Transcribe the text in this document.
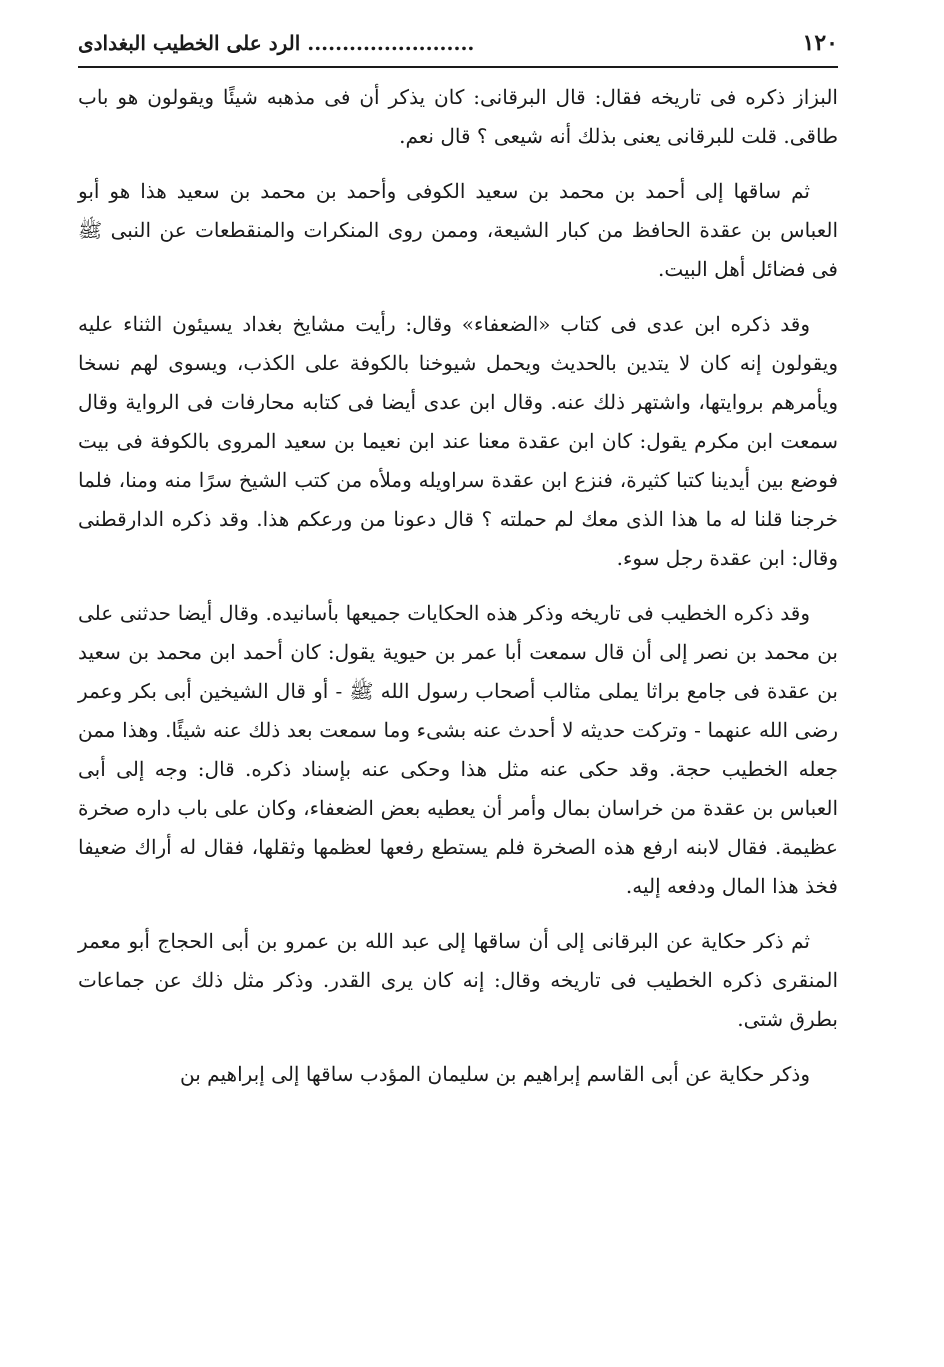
١٢٠
........................ الرد على الخطيب البغدادى

البزاز ذكره فى تاريخه فقال: قال البرقانى: كان يذكر أن فى مذهبه شيئًا ويقولون هو باب طاقى. قلت للبرقانى يعنى بذلك أنه شيعى ؟ قال نعم.

ثم ساقها إلى أحمد بن محمد بن سعيد الكوفى وأحمد بن محمد بن سعيد هذا هو أبو العباس بن عقدة الحافظ من كبار الشيعة، وممن روى المنكرات والمنقطعات عن النبى ﷺ فى فضائل أهل البيت.

وقد ذكره ابن عدى فى كتاب «الضعفاء» وقال: رأيت مشايخ بغداد يسيئون الثناء عليه ويقولون إنه كان لا يتدين بالحديث ويحمل شيوخنا بالكوفة على الكذب، ويسوى لهم نسخا ويأمرهم بروايتها، واشتهر ذلك عنه. وقال ابن عدى أيضا فى كتابه محارفات فى الرواية وقال سمعت ابن مكرم يقول: كان ابن عقدة معنا عند ابن نعيما بن سعيد المروى بالكوفة فى بيت فوضع بين أيدينا كتبا كثيرة، فنزع ابن عقدة سراويله وملأه من كتب الشيخ سرًا منه ومنا، فلما خرجنا قلنا له ما هذا الذى معك لم حملته ؟ قال دعونا من ورعكم هذا. وقد ذكره الدارقطنى وقال: ابن عقدة رجل سوء.

وقد ذكره الخطيب فى تاريخه وذكر هذه الحكايات جميعها بأسانيده. وقال أيضا حدثنى على بن محمد بن نصر إلى أن قال سمعت أبا عمر بن حيوية يقول: كان أحمد ابن محمد بن سعيد بن عقدة فى جامع براثا يملى مثالب أصحاب رسول الله ﷺ - أو قال الشيخين أبى بكر وعمر رضى الله عنهما - وتركت حديثه لا أحدث عنه بشىء وما سمعت بعد ذلك عنه شيئًا. وهذا ممن جعله الخطيب حجة. وقد حكى عنه مثل هذا وحكى عنه بإسناد ذكره. قال: وجه إلى أبى العباس بن عقدة من خراسان بمال وأمر أن يعطيه بعض الضعفاء، وكان على باب داره صخرة عظيمة. فقال لابنه ارفع هذه الصخرة فلم يستطع رفعها لعظمها وثقلها، فقال له أراك ضعيفا فخذ هذا المال ودفعه إليه.

ثم ذكر حكاية عن البرقانى إلى أن ساقها إلى عبد الله بن عمرو بن أبى الحجاج أبو معمر المنقرى ذكره الخطيب فى تاريخه وقال: إنه كان يرى القدر. وذكر مثل ذلك عن جماعات بطرق شتى.

وذكر حكاية عن أبى القاسم إبراهيم بن سليمان المؤدب ساقها إلى إبراهيم بن
